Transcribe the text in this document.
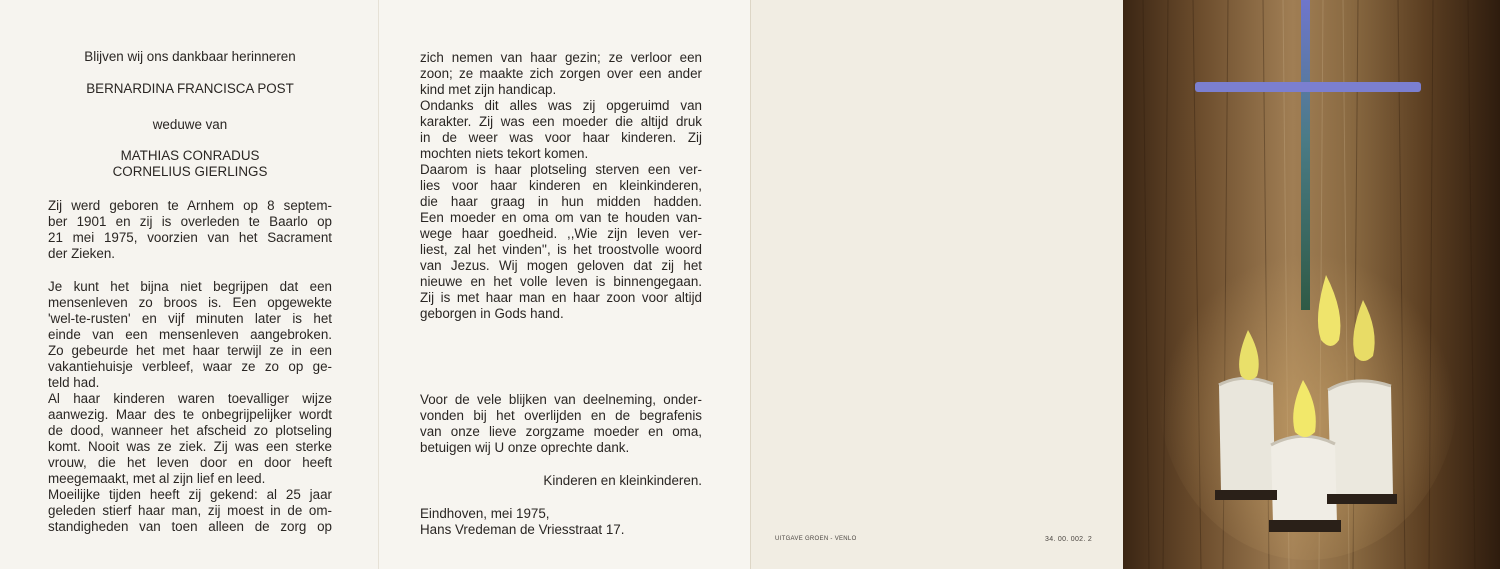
Blijven wij ons dankbaar herinneren
BERNARDINA FRANCISCA POST
weduwe van
MATHIAS CONRADUS
CORNELIUS GIERLINGS
Zij werd geboren te Arnhem op 8 septem-
ber 1901 en zij is overleden te Baarlo op
21 mei 1975, voorzien van het Sacrament
der Zieken.
Je kunt het bijna niet begrijpen dat een
mensenleven zo broos is. Een opgewekte
'wel-te-rusten' en vijf minuten later is het
einde van een mensenleven aangebroken.
Zo gebeurde het met haar terwijl ze in een
vakantiehuisje verbleef, waar ze zo op ge-
teld had.
Al haar kinderen waren toevalliger wijze
aanwezig. Maar des te onbegrijpelijker wordt
de dood, wanneer het afscheid zo plotseling
komt. Nooit was ze ziek. Zij was een sterke
vrouw, die het leven door en door heeft
meegemaakt, met al zijn lief en leed.
Moeilijke tijden heeft zij gekend: al 25 jaar
geleden stierf haar man, zij moest in de om-
standigheden van toen alleen de zorg op
zich nemen van haar gezin; ze verloor een
zoon; ze maakte zich zorgen over een ander
kind met zijn handicap.
Ondanks dit alles was zij opgeruimd van
karakter. Zij was een moeder die altijd druk
in de weer was voor haar kinderen. Zij
mochten niets tekort komen.
Daarom is haar plotseling sterven een ver-
lies voor haar kinderen en kleinkinderen,
die haar graag in hun midden hadden.
Een moeder en oma om van te houden van-
wege haar goedheid. ,,Wie zijn leven ver-
liest, zal het vinden'', is het troostvolle woord
van Jezus. Wij mogen geloven dat zij het
nieuwe en het volle leven is binnengegaan.
Zij is met haar man en haar zoon voor altijd
geborgen in Gods hand.
Voor de vele blijken van deelneming, onder-
vonden bij het overlijden en de begrafenis
van onze lieve zorgzame moeder en oma,
betuigen wij U onze oprechte dank.
Kinderen en kleinkinderen.
Eindhoven, mei 1975,
Hans Vredeman de Vriesstraat 17.
UITGAVE GROEN - VENLO	34. 00. 002. 2
